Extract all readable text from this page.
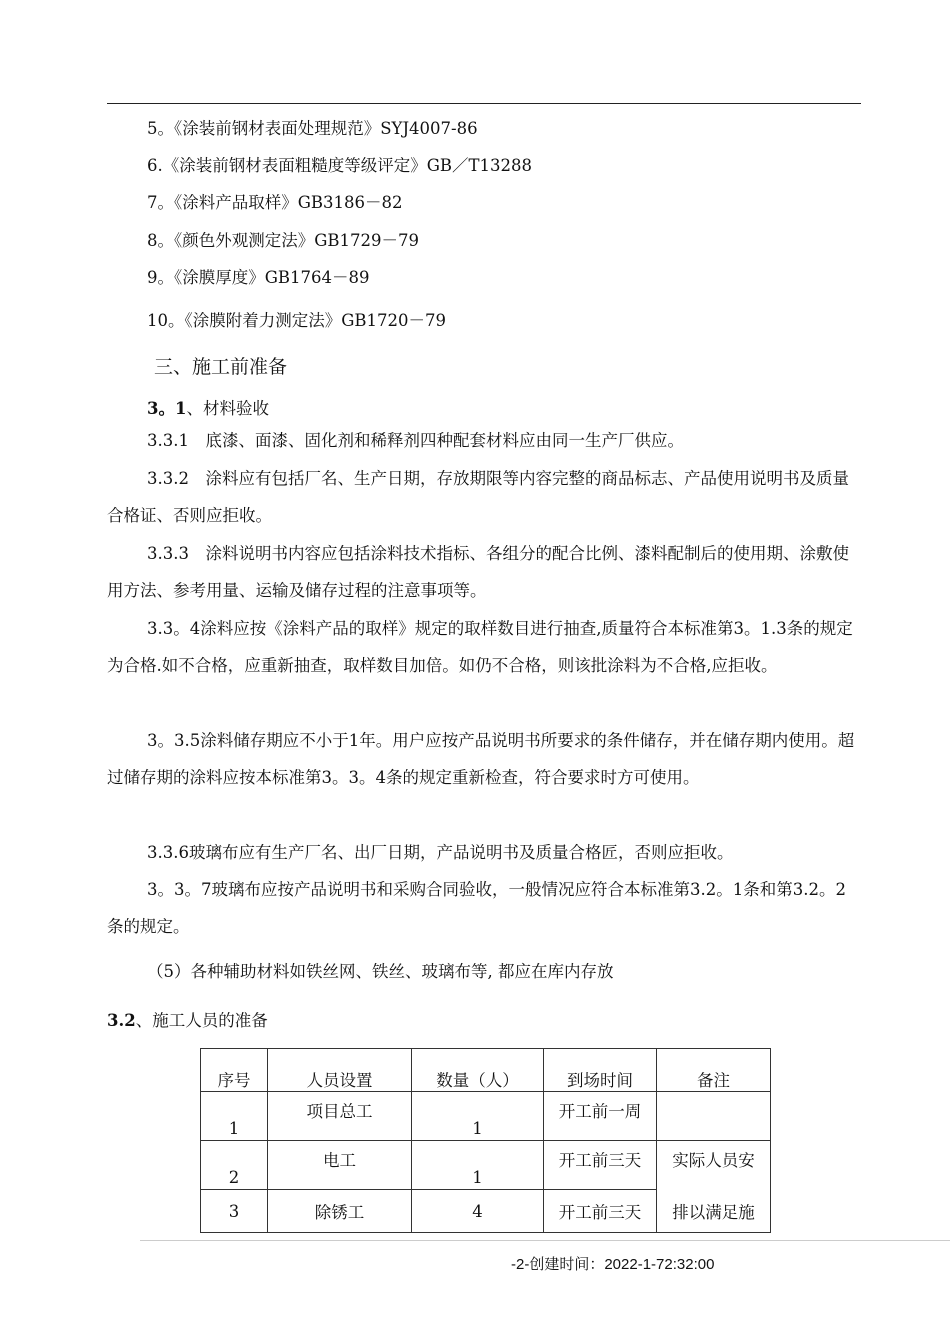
5。《涂装前钢材表面处理规范》SYJ4007-86
6.《涂装前钢材表面粗糙度等级评定》GB／T13288
7。《涂料产品取样》GB3186－82
8。《颜色外观测定法》GB1729－79
9。《涂膜厚度》GB1764－89
10。《涂膜附着力测定法》GB1720－79
三、施工前准备
3。1、材料验收
3.3.1　底漆、面漆、固化剂和稀释剂四种配套材料应由同一生产厂供应。
3.3.2　涂料应有包括厂名、生产日期，存放期限等内容完整的商品标志、产品使用说明书及质量合格证、否则应拒收。
3.3.3　涂料说明书内容应包括涂料技术指标、各组分的配合比例、漆料配制后的使用期、涂敷使用方法、参考用量、运输及储存过程的注意事项等。
3.3。4涂料应按《涂料产品的取样》规定的取样数目进行抽查,质量符合本标准第3。1.3条的规定为合格.如不合格，应重新抽查，取样数目加倍。如仍不合格，则该批涂料为不合格,应拒收。
3。3.5涂料储存期应不小于1年。用户应按产品说明书所要求的条件储存，并在储存期内使用。超过储存期的涂料应按本标准第3。3。4条的规定重新检查，符合要求时方可使用。
3.3.6玻璃布应有生产厂名、出厂日期，产品说明书及质量合格匠，否则应拒收。
3。3。7玻璃布应按产品说明书和采购合同验收，一般情况应符合本标准第3.2。1条和第3.2。2条的规定。
（5）各种辅助材料如铁丝网、铁丝、玻璃布等, 都应在库内存放
3.2、施工人员的准备
序号	人员设置	数量（人）	到场时间	备注
1	项目总工	1	开工前一周	
2	电工	1	开工前三天	实际人员安
3	除锈工	4	开工前三天	排以满足施
-2-创建时间：2022-1-72:32:00
